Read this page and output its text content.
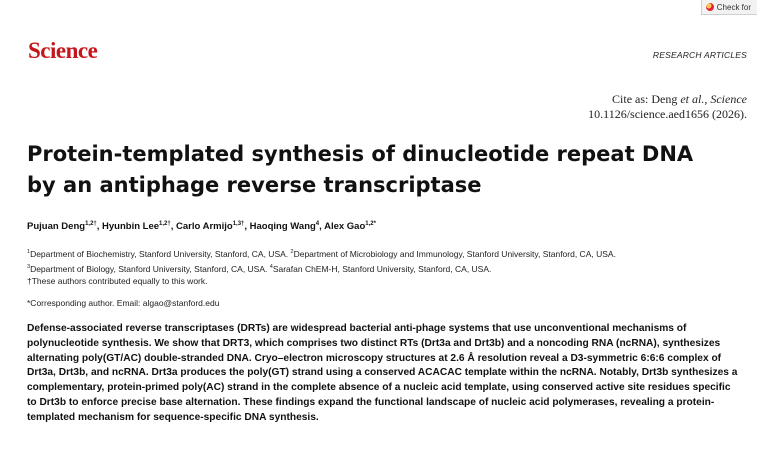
Check for
Science	RESEARCH ARTICLES
Cite as: Deng et al., Science
10.1126/science.aed1656 (2026).
Protein-templated synthesis of dinucleotide repeat DNA by an antiphage reverse transcriptase
Pujuan Deng$^{1,2\dagger}$, Hyunbin Lee$^{1,2\dagger}$, Carlo Armijo$^{1,3\dagger}$, Haoqing Wang$^4$, Alex Gao$^{1,2*}$
$^1$Department of Biochemistry, Stanford University, Stanford, CA, USA. $^2$Department of Microbiology and Immunology, Stanford University, Stanford, CA, USA.
$^3$Department of Biology, Stanford University, Stanford, CA, USA. $^4$Sarafan ChEM-H, Stanford University, Stanford, CA, USA.
†These authors contributed equally to this work.
*Corresponding author. Email: algao@stanford.edu

Defense-associated reverse transcriptases (DRTs) are widespread bacterial anti-phage systems that use unconventional mechanisms of polynucleotide synthesis. We show that DRT3, which comprises two distinct RTs (Drt3a and Drt3b) and a noncoding RNA (ncRNA), synthesizes alternating poly(GT/AC) double-stranded DNA. Cryo–electron microscopy structures at 2.6 Å resolution reveal a D3-symmetric 6:6:6 complex of Drt3a, Drt3b, and ncRNA. Drt3a produces the poly(GT) strand using a conserved ACACAC template within the ncRNA. Notably, Drt3b synthesizes a complementary, protein-primed poly(AC) strand in the complete absence of a nucleic acid template, using conserved active site residues specific to Drt3b to enforce precise base alternation. These findings expand the functional landscape of nucleic acid polymerases, revealing a protein-templated mechanism for sequence-specific DNA synthesis.
